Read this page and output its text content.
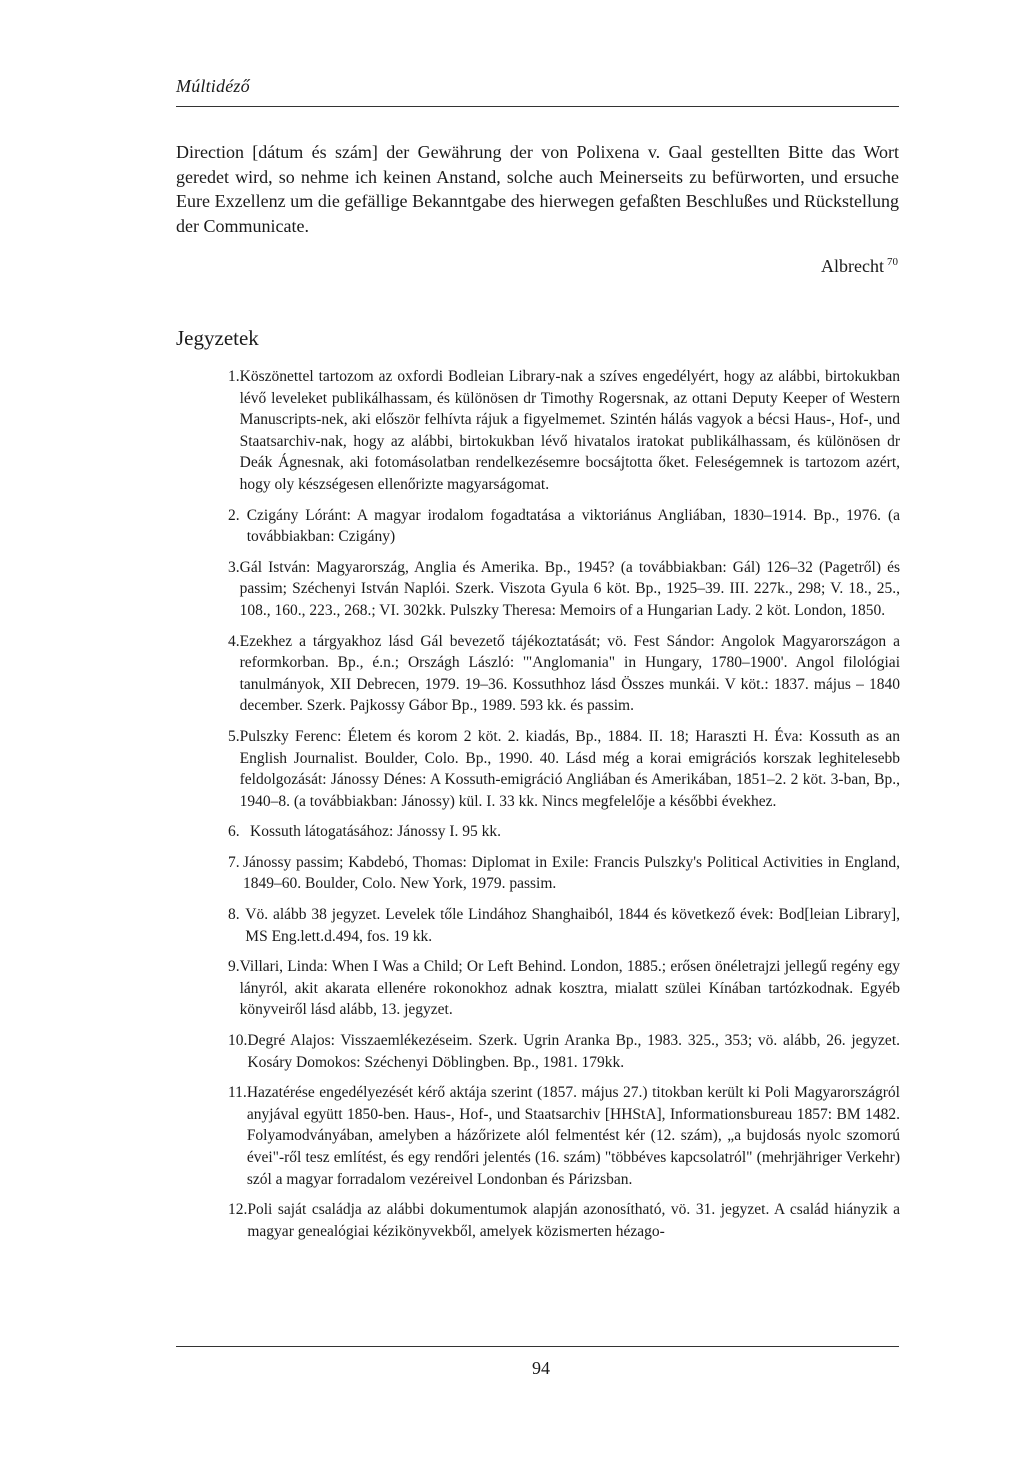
Múltidéző
Direction [dátum és szám] der Gewährung der von Polixena v. Gaal gestellten Bitte das Wort geredet wird, so nehme ich keinen Anstand, solche auch Meinerseits zu befürworten, und ersuche Eure Exzellenz um die gefällige Bekanntgabe des hierwegen gefaßten Beschlußes und Rückstellung der Communicate.
Albrecht $^{70}$
Jegyzetek
1. Köszönettel tartozom az oxfordi Bodleian Library-nak a szíves engedélyért, hogy az alábbi, birtokukban lévő leveleket publikálhassam, és különösen dr Timothy Rogersnak, az ottani Deputy Keeper of Western Manuscripts-nek, aki először felhívta rájuk a figyelmemet. Szintén hálás vagyok a bécsi Haus-, Hof-, und Staatsarchiv-nak, hogy az alábbi, birtokukban lévő hivatalos iratokat publikálhassam, és különösen dr Deák Ágnesnak, aki fotomásolatban rendelkezésemre bocsájtotta őket. Feleségemnek is tartozom azért, hogy oly készségesen ellenőrizte magyarságomat.
2. Czigány Lóránt: A magyar irodalom fogadtatása a viktoriánus Angliában, 1830–1914. Bp., 1976. (a továbbiakban: Czigány)
3. Gál István: Magyarország, Anglia és Amerika. Bp., 1945? (a továbbiakban: Gál) 126–32 (Pagetről) és passim; Széchenyi István Naplói. Szerk. Viszota Gyula 6 köt. Bp., 1925–39. III. 227k., 298; V. 18., 25., 108., 160., 223., 268.; VI. 302kk. Pulszky Theresa: Memoirs of a Hungarian Lady. 2 köt. London, 1850.
4. Ezekhez a tárgyakhoz lásd Gál bevezető tájékoztatását; vö. Fest Sándor: Angolok Magyarországon a reformkorban. Bp., é.n.; Országh László: '"Anglomania" in Hungary, 1780–1900'. Angol filológiai tanulmányok, XII Debrecen, 1979. 19–36. Kossuthhoz lásd Összes munkái. V köt.: 1837. május – 1840 december. Szerk. Pajkossy Gábor Bp., 1989. 593 kk. és passim.
5. Pulszky Ferenc: Életem és korom 2 köt. 2. kiadás, Bp., 1884. II. 18; Haraszti H. Éva: Kossuth as an English Journalist. Boulder, Colo. Bp., 1990. 40. Lásd még a korai emigrációs korszak leghitelesebb feldolgozását: Jánossy Dénes: A Kossuth-emigráció Angliában és Amerikában, 1851–2. 2 köt. 3-ban, Bp., 1940–8. (a továbbiakban: Jánossy) kül. I. 33 kk. Nincs megfelelője a későbbi évekhez.
6. Kossuth látogatásához: Jánossy I. 95 kk.
7. Jánossy passim; Kabdebó, Thomas: Diplomat in Exile: Francis Pulszky's Political Activities in England, 1849–60. Boulder, Colo. New York, 1979. passim.
8. Vö. alább 38 jegyzet. Levelek tőle Lindához Shanghaiból, 1844 és következő évek: Bod[leian Library], MS Eng.lett.d.494, fos. 19 kk.
9. Villari, Linda: When I Was a Child; Or Left Behind. London, 1885.; erősen önéletrajzi jellegű regény egy lányról, akit akarata ellenére rokonokhoz adnak kosztra, mialatt szülei Kínában tartózkodnak. Egyéb könyveiről lásd alább, 13. jegyzet.
10. Degré Alajos: Visszaemlékezéseim. Szerk. Ugrin Aranka Bp., 1983. 325., 353; vö. alább, 26. jegyzet. Kosáry Domokos: Széchenyi Döblingben. Bp., 1981. 179kk.
11. Hazatérése engedélyezését kérő aktája szerint (1857. május 27.) titokban került ki Poli Magyarországról anyjával együtt 1850-ben. Haus-, Hof-, und Staatsarchiv [HHStA], Informationsbureau 1857: BM 1482. Folyamodványában, amelyben a házőrizete alól felmentést kér (12. szám), „a bujdosás nyolc szomorú évei"-ről tesz említést, és egy rendőri jelentés (16. szám) "többéves kapcsolatról" (mehrjähriger Verkehr) szól a magyar forradalom vezéreivel Londonban és Párizsban.
12. Poli saját családja az alábbi dokumentumok alapján azonosítható, vö. 31. jegyzet. A család hiányzik a magyar genealógiai kézikönyvekből, amelyek közismerten hézago-
94
